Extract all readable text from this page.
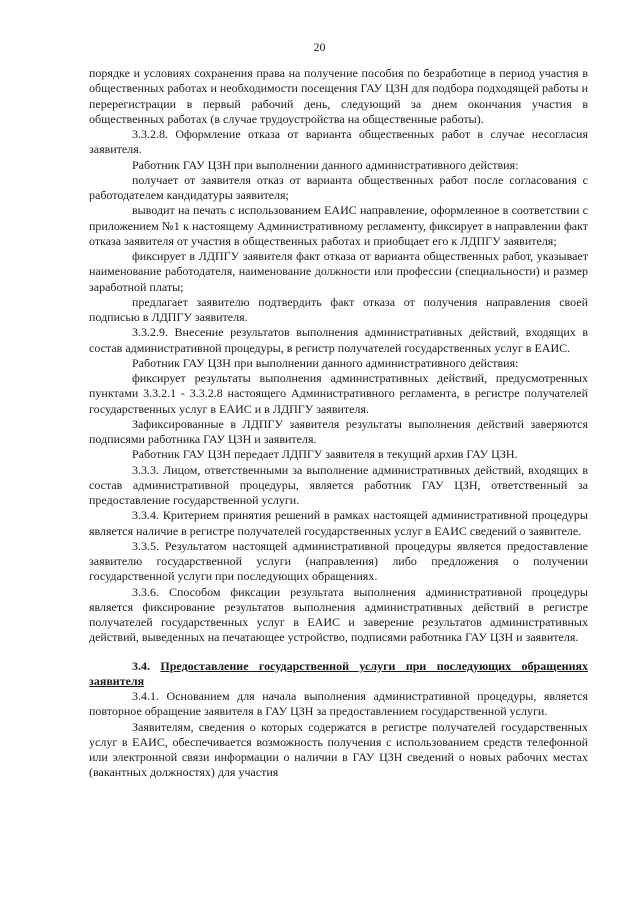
20

порядке и условиях сохранения права на получение пособия по безработице в период участия в общественных работах и необходимости посещения ГАУ ЦЗН для подбора подходящей работы и перерегистрации в первый рабочий день, следующий за днем окончания участия в общественных работах (в случае трудоустройства на общественные работы).

3.3.2.8. Оформление отказа от варианта общественных работ в случае несогласия заявителя.

Работник ГАУ ЦЗН при выполнении данного административного действия:

получает от заявителя отказ от варианта общественных работ после согласования с работодателем кандидатуры заявителя;

выводит на печать с использованием ЕАИС направление, оформленное в соответствии с приложением №1 к настоящему Административному регламенту, фиксирует в направлении факт отказа заявителя от участия в общественных работах и приобщает его к ЛДПГУ заявителя;

фиксирует в ЛДПГУ заявителя факт отказа от варианта общественных работ, указывает наименование работодателя, наименование должности или профессии (специальности) и размер заработной платы;

предлагает заявителю подтвердить факт отказа от получения направления своей подписью в ЛДПГУ заявителя.

3.3.2.9. Внесение результатов выполнения административных действий, входящих в состав административной процедуры, в регистр получателей государственных услуг в ЕАИС.

Работник ГАУ ЦЗН при выполнении данного административного действия:

фиксирует результаты выполнения административных действий, предусмотренных пунктами 3.3.2.1 - 3.3.2.8 настоящего Административного регламента, в регистре получателей государственных услуг в ЕАИС и в ЛДПГУ заявителя.

Зафиксированные в ЛДПГУ заявителя результаты выполнения действий заверяются подписями работника ГАУ ЦЗН и заявителя.

Работник ГАУ ЦЗН передает ЛДПГУ заявителя в текущий архив ГАУ ЦЗН.

3.3.3. Лицом, ответственными за выполнение административных действий, входящих в состав административной процедуры, является работник ГАУ ЦЗН, ответственный за предоставление государственной услуги.

3.3.4. Критерием принятия решений в рамках настоящей административной процедуры является наличие в регистре получателей государственных услуг в ЕАИС сведений о заявителе.

3.3.5. Результатом настоящей административной процедуры является предоставление заявителю государственной услуги (направления) либо предложения о получении государственной услуги при последующих обращениях.

3.3.6. Способом фиксации результата выполнения административной процедуры является фиксирование результатов выполнения административных действий в регистре получателей государственных услуг в ЕАИС и заверение результатов административных действий, выведенных на печатающее устройство, подписями работника ГАУ ЦЗН и заявителя.

3.4. Предоставление государственной услуги при последующих обращениях заявителя

3.4.1. Основанием для начала выполнения административной процедуры, является повторное обращение заявителя в ГАУ ЦЗН за предоставлением государственной услуги.

Заявителям, сведения о которых содержатся в регистре получателей государственных услуг в ЕАИС, обеспечивается возможность получения с использованием средств телефонной или электронной связи информации о наличии в ГАУ ЦЗН сведений о новых рабочих местах (вакантных должностях) для участия
